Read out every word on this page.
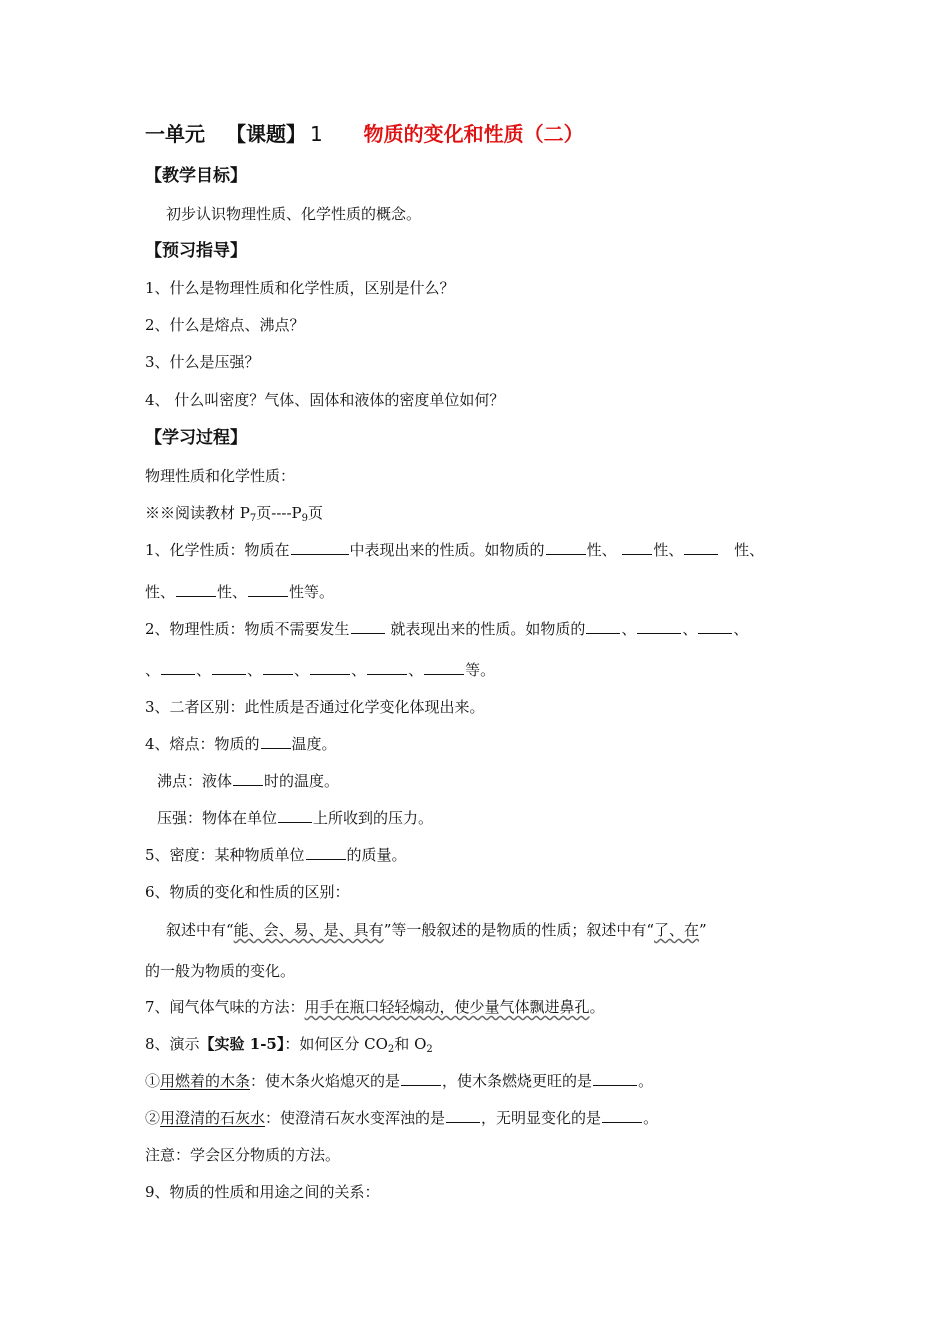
一单元 【课题】 1 物质的变化和性质（二）
【教学目标】
初步认识物理性质、化学性质的概念。
【预习指导】
1、什么是物理性质和化学性质，区别是什么？
2、什么是熔点、沸点？
3、什么是压强？
4、 什么叫密度？气体、固体和液体的密度单位如何？
【学习过程】
物理性质和化学性质：
※※阅读教材 $P_7$页$----P_9$页
1、化学性质：物质在	中表现出来的性质。如物质的	性、 性、	性、
性、	性、	性等。
2、物理性质：物质不需要发生 就表现出来的性质。如物质的 、	、 、
、 、 、 、	、	、	等。
3、二者区别：此性质是否通过化学变化体现出来。
4、熔点：物质的 温度。
沸点：液体 时的温度。
压强：物体在单位 上所收到的压力。
5、密度：某种物质单位	的质量。
6、物质的变化和性质的区别：
叙述中有“能、会、易、是、具有”等一般叙述的是物质的性质；叙述中有“了、在”
的一般为物质的变化。
7、闻气体气味的方法：用手在瓶口轻轻煽动，使少量气体飘进鼻孔。
8、演示【实验 1-5】：如何区分 $CO_2$和 $O_2$
①用燃着的木条：使木条火焰熄灭的是	，使木条燃烧更旺的是	。
②用澄清的石灰水：使澄清石灰水变浑浊的是 ，无明显变化的是	。
注意：学会区分物质的方法。
9、物质的性质和用途之间的关系：
